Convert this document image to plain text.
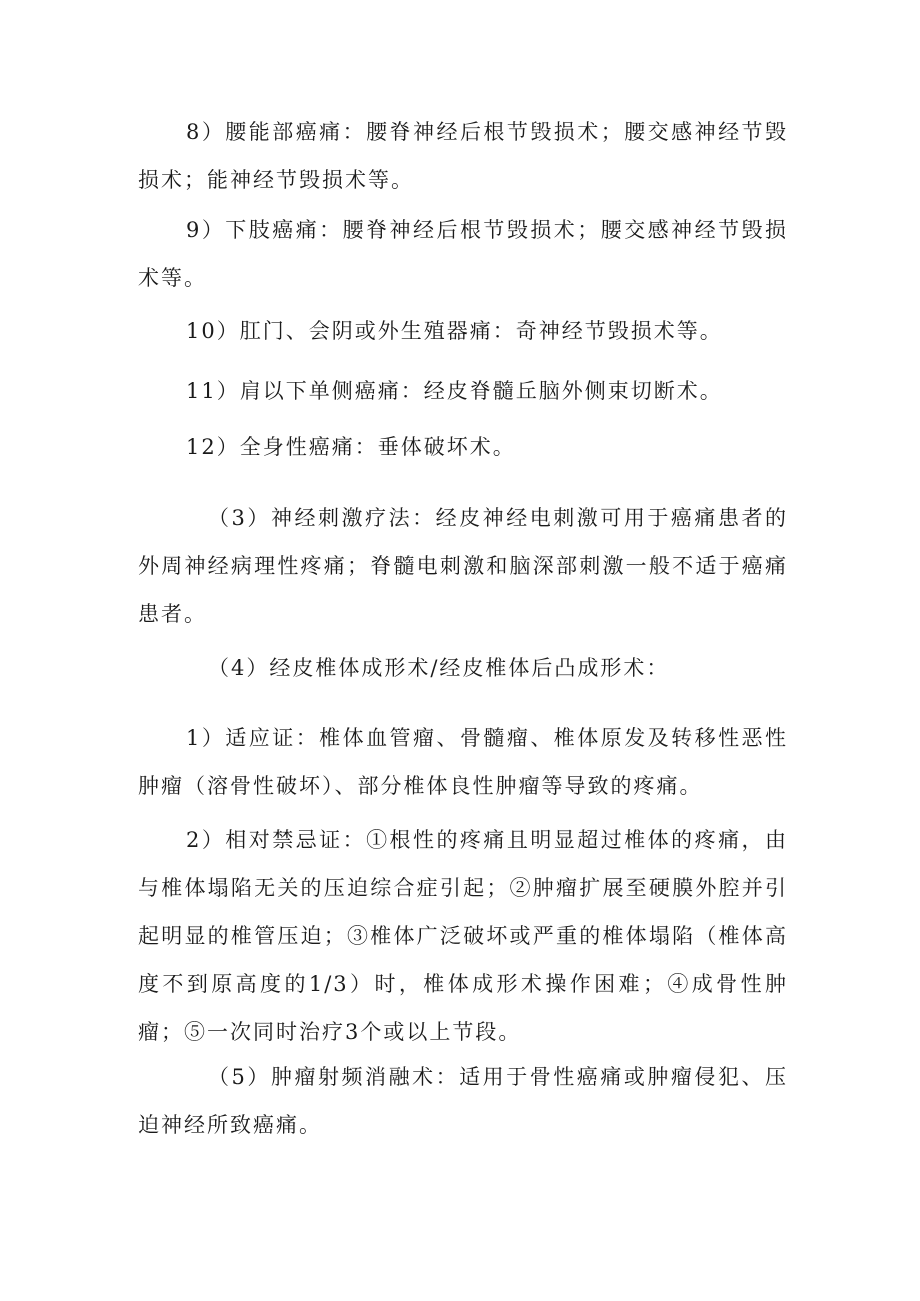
8）腰能部癌痛：腰脊神经后根节毁损术；腰交感神经节毁损术；能神经节毁损术等。

9）下肢癌痛：腰脊神经后根节毁损术；腰交感神经节毁损术等。

10）肛门、会阴或外生殖器痛：奇神经节毁损术等。

11）肩以下单侧癌痛：经皮脊髓丘脑外侧束切断术。

12）全身性癌痛：垂体破坏术。

（3）神经刺激疗法：经皮神经电刺激可用于癌痛患者的外周神经病理性疼痛；脊髓电刺激和脑深部刺激一般不适于癌痛患者。

（4）经皮椎体成形术/经皮椎体后凸成形术：

1）适应证：椎体血管瘤、骨髓瘤、椎体原发及转移性恶性肿瘤（溶骨性破坏）、部分椎体良性肿瘤等导致的疼痛。

2）相对禁忌证：①根性的疼痛且明显超过椎体的疼痛，由与椎体塌陷无关的压迫综合症引起；②肿瘤扩展至硬膜外腔并引起明显的椎管压迫；③椎体广泛破坏或严重的椎体塌陷（椎体高度不到原高度的1/3）时，椎体成形术操作困难；④成骨性肿瘤；⑤一次同时治疗3个或以上节段。

（5）肿瘤射频消融术：适用于骨性癌痛或肿瘤侵犯、压迫神经所致癌痛。
